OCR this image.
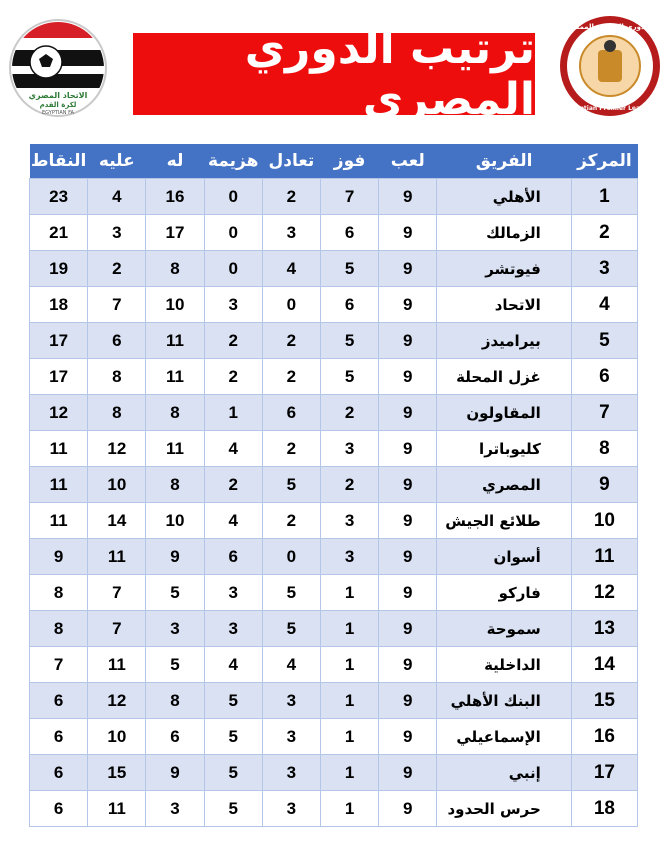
الاتحاد المصري
لكرة القدم
EGYPTIAN FA
ترتيب الدوري المصري
الدوري المصري الممتاز
Egyptian Premier League
المركز	الفريق	لعب	فوز	تعادل	هزيمة	له	عليه	النقاط
1	الأهلي	9	7	2	0	16	4	23
2	الزمالك	9	6	3	0	17	3	21
3	فيوتشر	9	5	4	0	8	2	19
4	الاتحاد	9	6	0	3	10	7	18
5	بيراميدز	9	5	2	2	11	6	17
6	غزل المحلة	9	5	2	2	11	8	17
7	المقاولون	9	2	6	1	8	8	12
8	كليوباترا	9	3	2	4	11	12	11
9	المصري	9	2	5	2	8	10	11
10	طلائع الجيش	9	3	2	4	10	14	11
11	أسوان	9	3	0	6	9	11	9
12	فاركو	9	1	5	3	5	7	8
13	سموحة	9	1	5	3	3	7	8
14	الداخلية	9	1	4	4	5	11	7
15	البنك الأهلي	9	1	3	5	8	12	6
16	الإسماعيلي	9	1	3	5	6	10	6
17	إنبي	9	1	3	5	9	15	6
18	حرس الحدود	9	1	3	5	3	11	6
